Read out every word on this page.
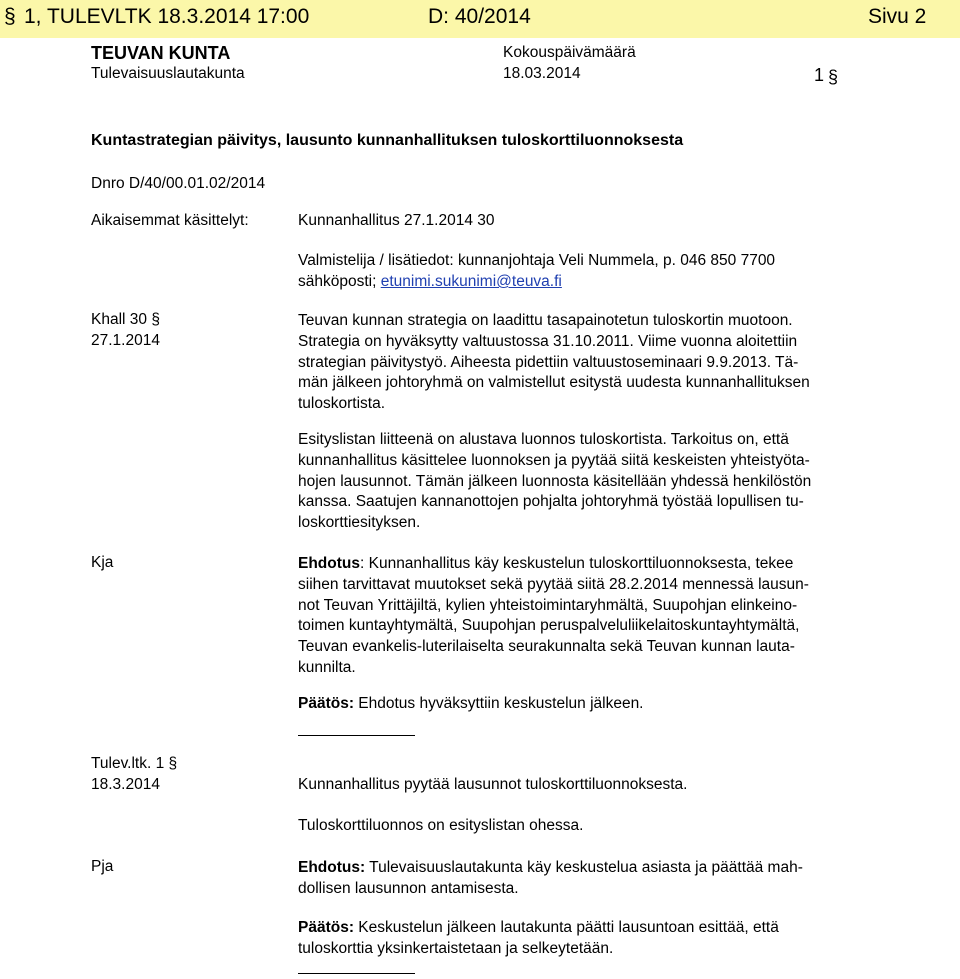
§ 1, TULEVLTK 18.3.2014 17:00	D: 40/2014	Sivu 2
TEUVAN KUNTA
Tulevaisuuslautakunta
Kokouspäivämäärä
18.03.2014	1 §
Kuntastrategian päivitys, lausunto kunnanhallituksen tuloskorttiluonnoksesta
Dnro D/40/00.01.02/2014
Aikaisemmat käsittelyt:	Kunnanhallitus 27.1.2014 30
Valmistelija / lisätiedot: kunnanjohtaja Veli Nummela, p. 046 850 7700
sähköposti; etunimi.sukunimi@teuva.fi
Khall 30 §
27.1.2014
Teuvan kunnan strategia on laadittu tasapainotetun tuloskortin muotoon.
Strategia on hyväksytty valtuustossa 31.10.2011. Viime vuonna aloitettiin
strategian päivitystyö. Aiheesta pidettiin valtuustoseminaari 9.9.2013. Tä-
män jälkeen johtoryhmä on valmistellut esitystä uudesta kunnanhallituksen
tuloskortista.
Esityslistan liitteenä on alustava luonnos tuloskortista. Tarkoitus on, että
kunnanhallitus käsittelee luonnoksen ja pyytää siitä keskeisten yhteistyöta-
hojen lausunnot. Tämän jälkeen luonnosta käsitellään yhdessä henkilöstön
kanssa. Saatujen kannanottojen pohjalta johtoryhmä työstää lopullisen tu-
loskorttiesityksen.
Kja	Ehdotus: Kunnanhallitus käy keskustelun tuloskorttiluonnoksesta, tekee
siihen tarvittavat muutokset sekä pyytää siitä 28.2.2014 mennessä lausun-
not Teuvan Yrittäjiltä, kylien yhteistoimintaryhmältä, Suupohjan elinkeino-
toimen kuntayhtymältä, Suupohjan peruspalveluliikelaitoskuntayhtymältä,
Teuvan evankelis-luterilaiselta seurakunnalta sekä Teuvan kunnan lauta-
kunnilta.
Päätös: Ehdotus hyväksyttiin keskustelun jälkeen.
Tulev.ltk. 1 §
18.3.2014	Kunnanhallitus pyytää lausunnot tuloskorttiluonnoksesta.
Tuloskorttiluonnos on esityslistan ohessa.
Pja	Ehdotus: Tulevaisuuslautakunta käy keskustelua asiasta ja päättää mah-
dollisen lausunnon antamisesta.
Päätös: Keskustelun jälkeen lautakunta päätti lausuntoan esittää, että
tuloskorttia yksinkertaistetaan ja selkeytetään.
